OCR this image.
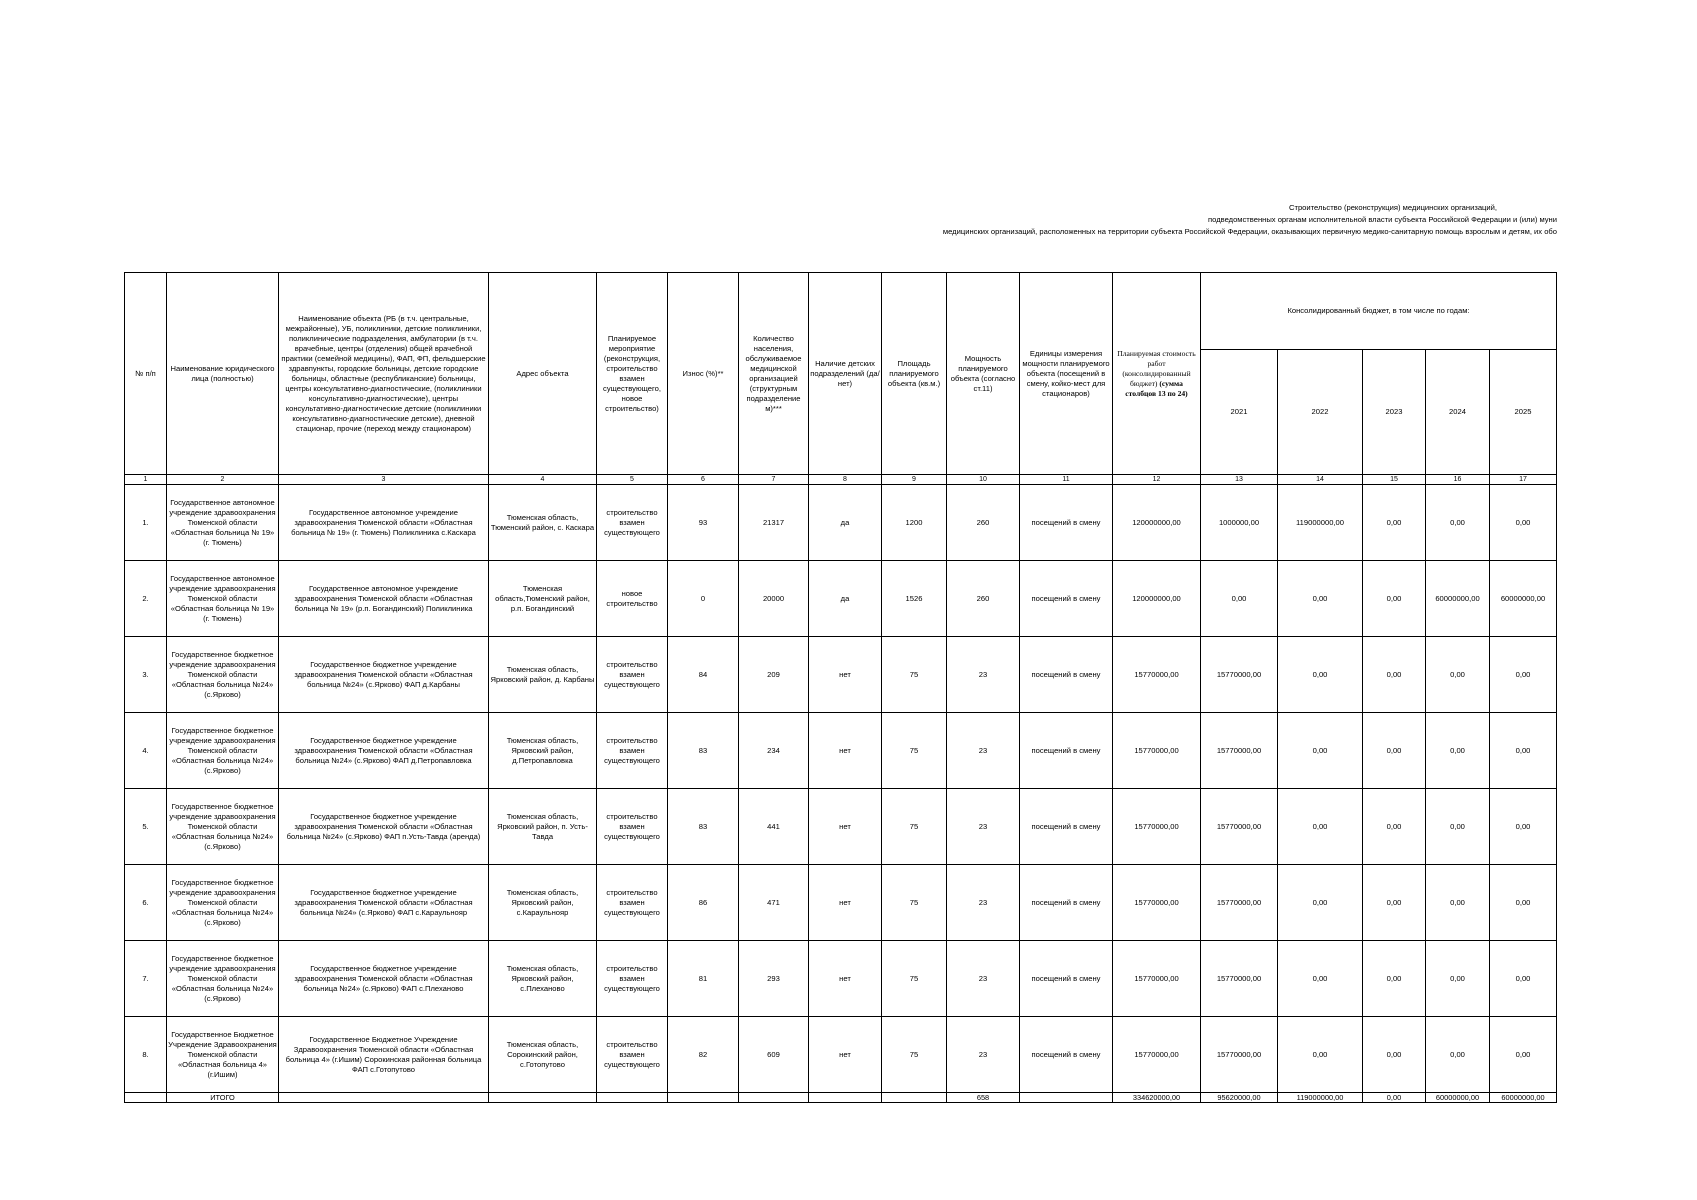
Строительство (реконструкция) медицинских организаций,
подведомственных органам исполнительной власти субъекта Российской Федерации и (или) муни
медицинских организаций, расположенных на территории субъекта Российской Федерации, оказывающих первичную медико-санитарную помощь взрослым и детям, их обо
№ п/п	Наименование юридического лица (полностью)	Наименование объекта (РБ (в т.ч. центральные, межрайонные), УБ, поликлиники, детские поликлиники, поликлинические подразделения, амбулатории (в т.ч. врачебные, центры (отделения) общей врачебной практики (семейной медицины), ФАП, ФП, фельдшерские здравпункты, городские больницы, детские городские больницы, областные (республиканские) больницы, центры консультативно-диагностические, (поликлиники консультативно-диагностические), центры консультативно-диагностические детские (поликлиники консультативно-диагностические детские), дневной стационар, прочие (переход между стационаром)	Адрес объекта	Планируемое мероприятие (реконструкция, строительство взамен существующего, новое строительство)	Износ (%)**	Количество населения, обслуживаемое медицинской организацией (структурным подразделение м)***	Наличие детских подразделений (да/нет)	Площадь планируемого объекта (кв.м.)	Мощность планируемого объекта (согласно ст.11)	Единицы измерения мощности планируемого объекта (посещений в смену, койко-мест для стационаров)	Планируемая стоимость работ (консолидированный бюджет) (сумма столбцов 13 по 24)	Консолидированный бюджет, в том числе по годам:				
												2021	2022	2023	2024	2025
1	2	3	4	5	6	7	8	9	10	11	12	13	14	15	16	17
1.	Государственное автономное учреждение здравоохранения Тюменской области «Областная больница № 19» (г. Тюмень)	Государственное автономное учреждение здравоохранения Тюменской области «Областная больница № 19» (г. Тюмень) Поликлиника с.Каскара	Тюменская область, Тюменский район, с. Каскара	строительство взамен существующего	93	21317	да	1200	260	посещений в смену	120000000,00	1000000,00	119000000,00	0,00	0,00	0,00
2.	Государственное автономное учреждение здравоохранения Тюменской области «Областная больница № 19» (г. Тюмень)	Государственное автономное учреждение здравоохранения Тюменской области «Областная больница № 19» (р.п. Богандинский) Поликлиника	Тюменская область,Тюменский район, р.п. Богандинский	новое строительство	0	20000	да	1526	260	посещений в смену	120000000,00	0,00	0,00	0,00	60000000,00	60000000,00
3.	Государственное бюджетное учреждение здравоохранения Тюменской области «Областная больница №24» (с.Ярково)	Государственное бюджетное учреждение здравоохранения Тюменской области «Областная больница №24» (с.Ярково) ФАП д.Карбаны	Тюменская область, Ярковский район, д. Карбаны	строительство взамен существующего	84	209	нет	75	23	посещений в смену	15770000,00	15770000,00	0,00	0,00	0,00	0,00
4.	Государственное бюджетное учреждение здравоохранения Тюменской области «Областная больница №24» (с.Ярково)	Государственное бюджетное учреждение здравоохранения Тюменской области «Областная больница №24» (с.Ярково) ФАП д.Петропавловка	Тюменская область, Ярковский район, д.Петропавловка	строительство взамен существующего	83	234	нет	75	23	посещений в смену	15770000,00	15770000,00	0,00	0,00	0,00	0,00
5.	Государственное бюджетное учреждение здравоохранения Тюменской области «Областная больница №24» (с.Ярково)	Государственное бюджетное учреждение здравоохранения Тюменской области «Областная больница №24» (с.Ярково) ФАП п.Усть-Тавда (аренда)	Тюменская область, Ярковский район, п. Усть-Тавда	строительство взамен существующего	83	441	нет	75	23	посещений в смену	15770000,00	15770000,00	0,00	0,00	0,00	0,00
6.	Государственное бюджетное учреждение здравоохранения Тюменской области «Областная больница №24» (с.Ярково)	Государственное бюджетное учреждение здравоохранения Тюменской области «Областная больница №24» (с.Ярково) ФАП с.Караульнояр	Тюменская область, Ярковский район, с.Караульнояр	строительство взамен существующего	86	471	нет	75	23	посещений в смену	15770000,00	15770000,00	0,00	0,00	0,00	0,00
7.	Государственное бюджетное учреждение здравоохранения Тюменской области «Областная больница №24» (с.Ярково)	Государственное бюджетное учреждение здравоохранения Тюменской области «Областная больница №24» (с.Ярково) ФАП с.Плеханово	Тюменская область, Ярковский район, с.Плеханово	строительство взамен существующего	81	293	нет	75	23	посещений в смену	15770000,00	15770000,00	0,00	0,00	0,00	0,00
8.	Государственное Бюджетное Учреждение Здравоохранения Тюменской области «Областная больница 4» (г.Ишим)	Государственное Бюджетное Учреждение Здравоохранения Тюменской области «Областная больница 4» (г.Ишим) Сорокинская районная больница ФАП с.Готопутово	Тюменская область, Сорокинский район, с.Готопутово	строительство взамен существующего	82	609	нет	75	23	посещений в смену	15770000,00	15770000,00	0,00	0,00	0,00	0,00
	ИТОГО								658		334620000,00	95620000,00	119000000,00	0,00	60000000,00	60000000,00
